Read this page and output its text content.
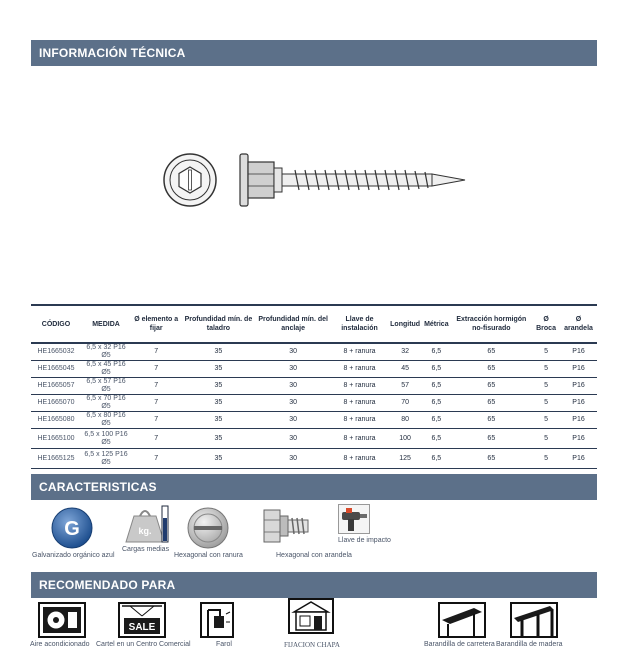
INFORMACIÓN TÉCNICA
CÓDIGO	MEDIDA	Ø elemento a fijar	Profundidad mín. de taladro	Profundidad mín. del anclaje	Llave de instalación	Longitud	Métrica	Extracción hormigón no-fisurado	Ø Broca	Ø arandela
HE1665032	6,5 x 32 P16 Ø5	7	35	30	8 + ranura	32	6,5	65	5	P16
HE1665045	6,5 x 45 P16 Ø5	7	35	30	8 + ranura	45	6,5	65	5	P16
HE1665057	6,5 x 57 P16 Ø5	7	35	30	8 + ranura	57	6,5	65	5	P16
HE1665070	6,5 x 70 P16 Ø5	7	35	30	8 + ranura	70	6,5	65	5	P16
HE1665080	6,5 x 80 P16 Ø5	7	35	30	8 + ranura	80	6,5	65	5	P16
HE1665100	6,5 x 100 P16 Ø5	7	35	30	8 + ranura	100	6,5	65	5	P16
HE1665125	6,5 x 125 P16 Ø5	7	35	30	8 + ranura	125	6,5	65	5	P16
CARACTERISTICAS
G
Galvanizado orgánico azul
kg.
Cargas medias
Hexagonal con ranura	Hexagonal con arandela
Llave de impacto
RECOMENDADO PARA
Aire acondicionado
SALE
Cartel en un Centro Comercial	Farol	FIJACION CHAPA	Barandilla de carretera Barandilla de madera
